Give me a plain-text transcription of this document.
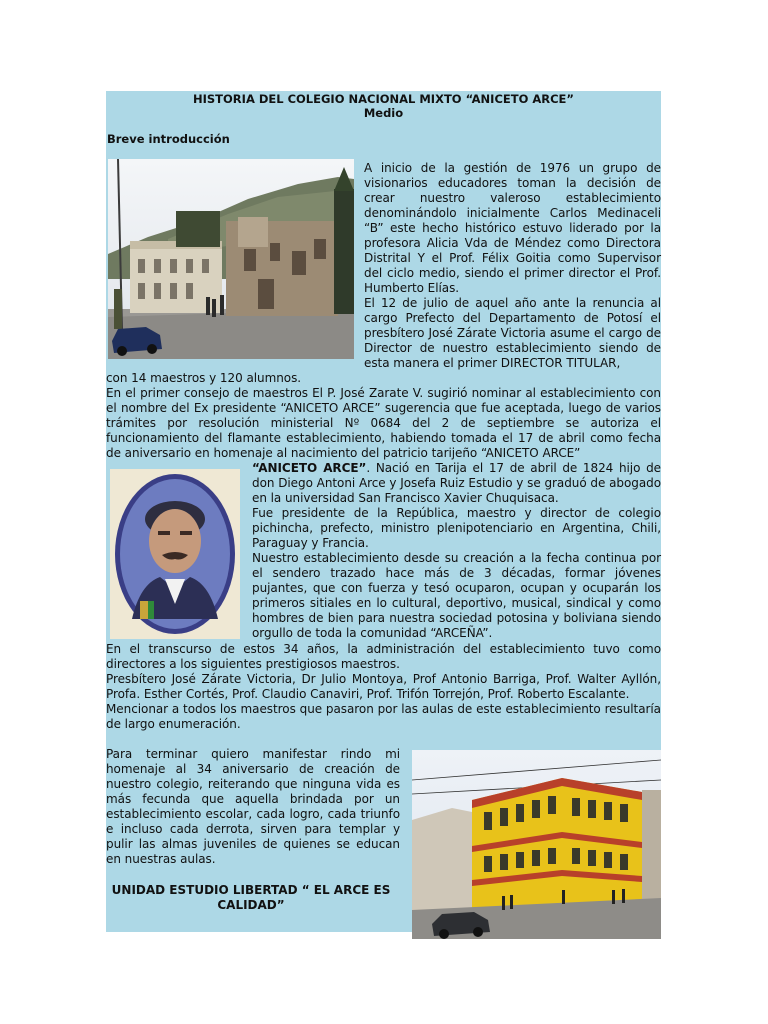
HISTORIA DEL COLEGIO NACIONAL MIXTO “ANICETO ARCE”
Medio
Breve introducción

A inicio de la gestión de 1976 un grupo de visionarios educadores toman la decisión de crear nuestro valeroso establecimiento denominándolo inicialmente Carlos Medinaceli “B” este hecho histórico estuvo liderado por la profesora Alicia Vda de Méndez como Directora Distrital Y el Prof. Félix Goitia como Supervisor del ciclo medio, siendo el primer director el Prof. Humberto Elías.

El 12 de julio de aquel año ante la renuncia al cargo Prefecto del Departamento de Potosí el presbítero José Zárate Victoria asume el cargo de Director de nuestro establecimiento siendo de esta manera el primer DIRECTOR TITULAR,

con 14 maestros y 120 alumnos.

En el primer consejo de maestros El P. José Zarate V. sugirió nominar al establecimiento con el nombre del Ex presidente “ANICETO ARCE” sugerencia que fue aceptada, luego de varios trámites por resolución ministerial Nº 0684 del 2 de septiembre se autoriza el funcionamiento del flamante establecimiento, habiendo tomada el 17 de abril como fecha de aniversario en homenaje al nacimiento del patricio tarijeño “ANICETO ARCE”

“ANICETO ARCE”. Nació en Tarija el 17 de abril de 1824 hijo de don Diego Antoni Arce y Josefa Ruiz Estudio y se graduó de abogado en la universidad San Francisco Xavier Chuquisaca.

Fue presidente de la República, maestro y director de colegio pichincha, prefecto, ministro plenipotenciario en Argentina, Chili, Paraguay y Francia.

Nuestro establecimiento desde su creación a la fecha continua por el sendero trazado hace más de 3 décadas, formar jóvenes pujantes, que con fuerza y tesó ocuparon, ocupan y ocuparán los primeros sitiales en lo cultural, deportivo, musical, sindical y como hombres de bien para nuestra sociedad potosina y boliviana siendo orgullo de toda la comunidad “ARCEÑA”.

En el transcurso de estos 34 años, la administración del establecimiento tuvo como directores a los siguientes prestigiosos maestros.

Presbítero José Zárate Victoria, Dr Julio Montoya, Prof Antonio Barriga, Prof. Walter Ayllón, Profa. Esther Cortés, Prof. Claudio Canaviri, Prof. Trifón Torrejón, Prof. Roberto Escalante.

Mencionar a todos los maestros que pasaron por las aulas de este establecimiento resultaría de largo enumeración.

Para terminar quiero manifestar rindo mi homenaje al 34 aniversario de creación de nuestro colegio, reiterando que ninguna vida es más fecunda que aquella brindada por un establecimiento escolar, cada logro, cada triunfo e incluso cada derrota, sirven para templar y pulir las almas juveniles de quienes se educan en nuestras aulas.

UNIDAD ESTUDIO LIBERTAD “ EL ARCE ES CALIDAD”
